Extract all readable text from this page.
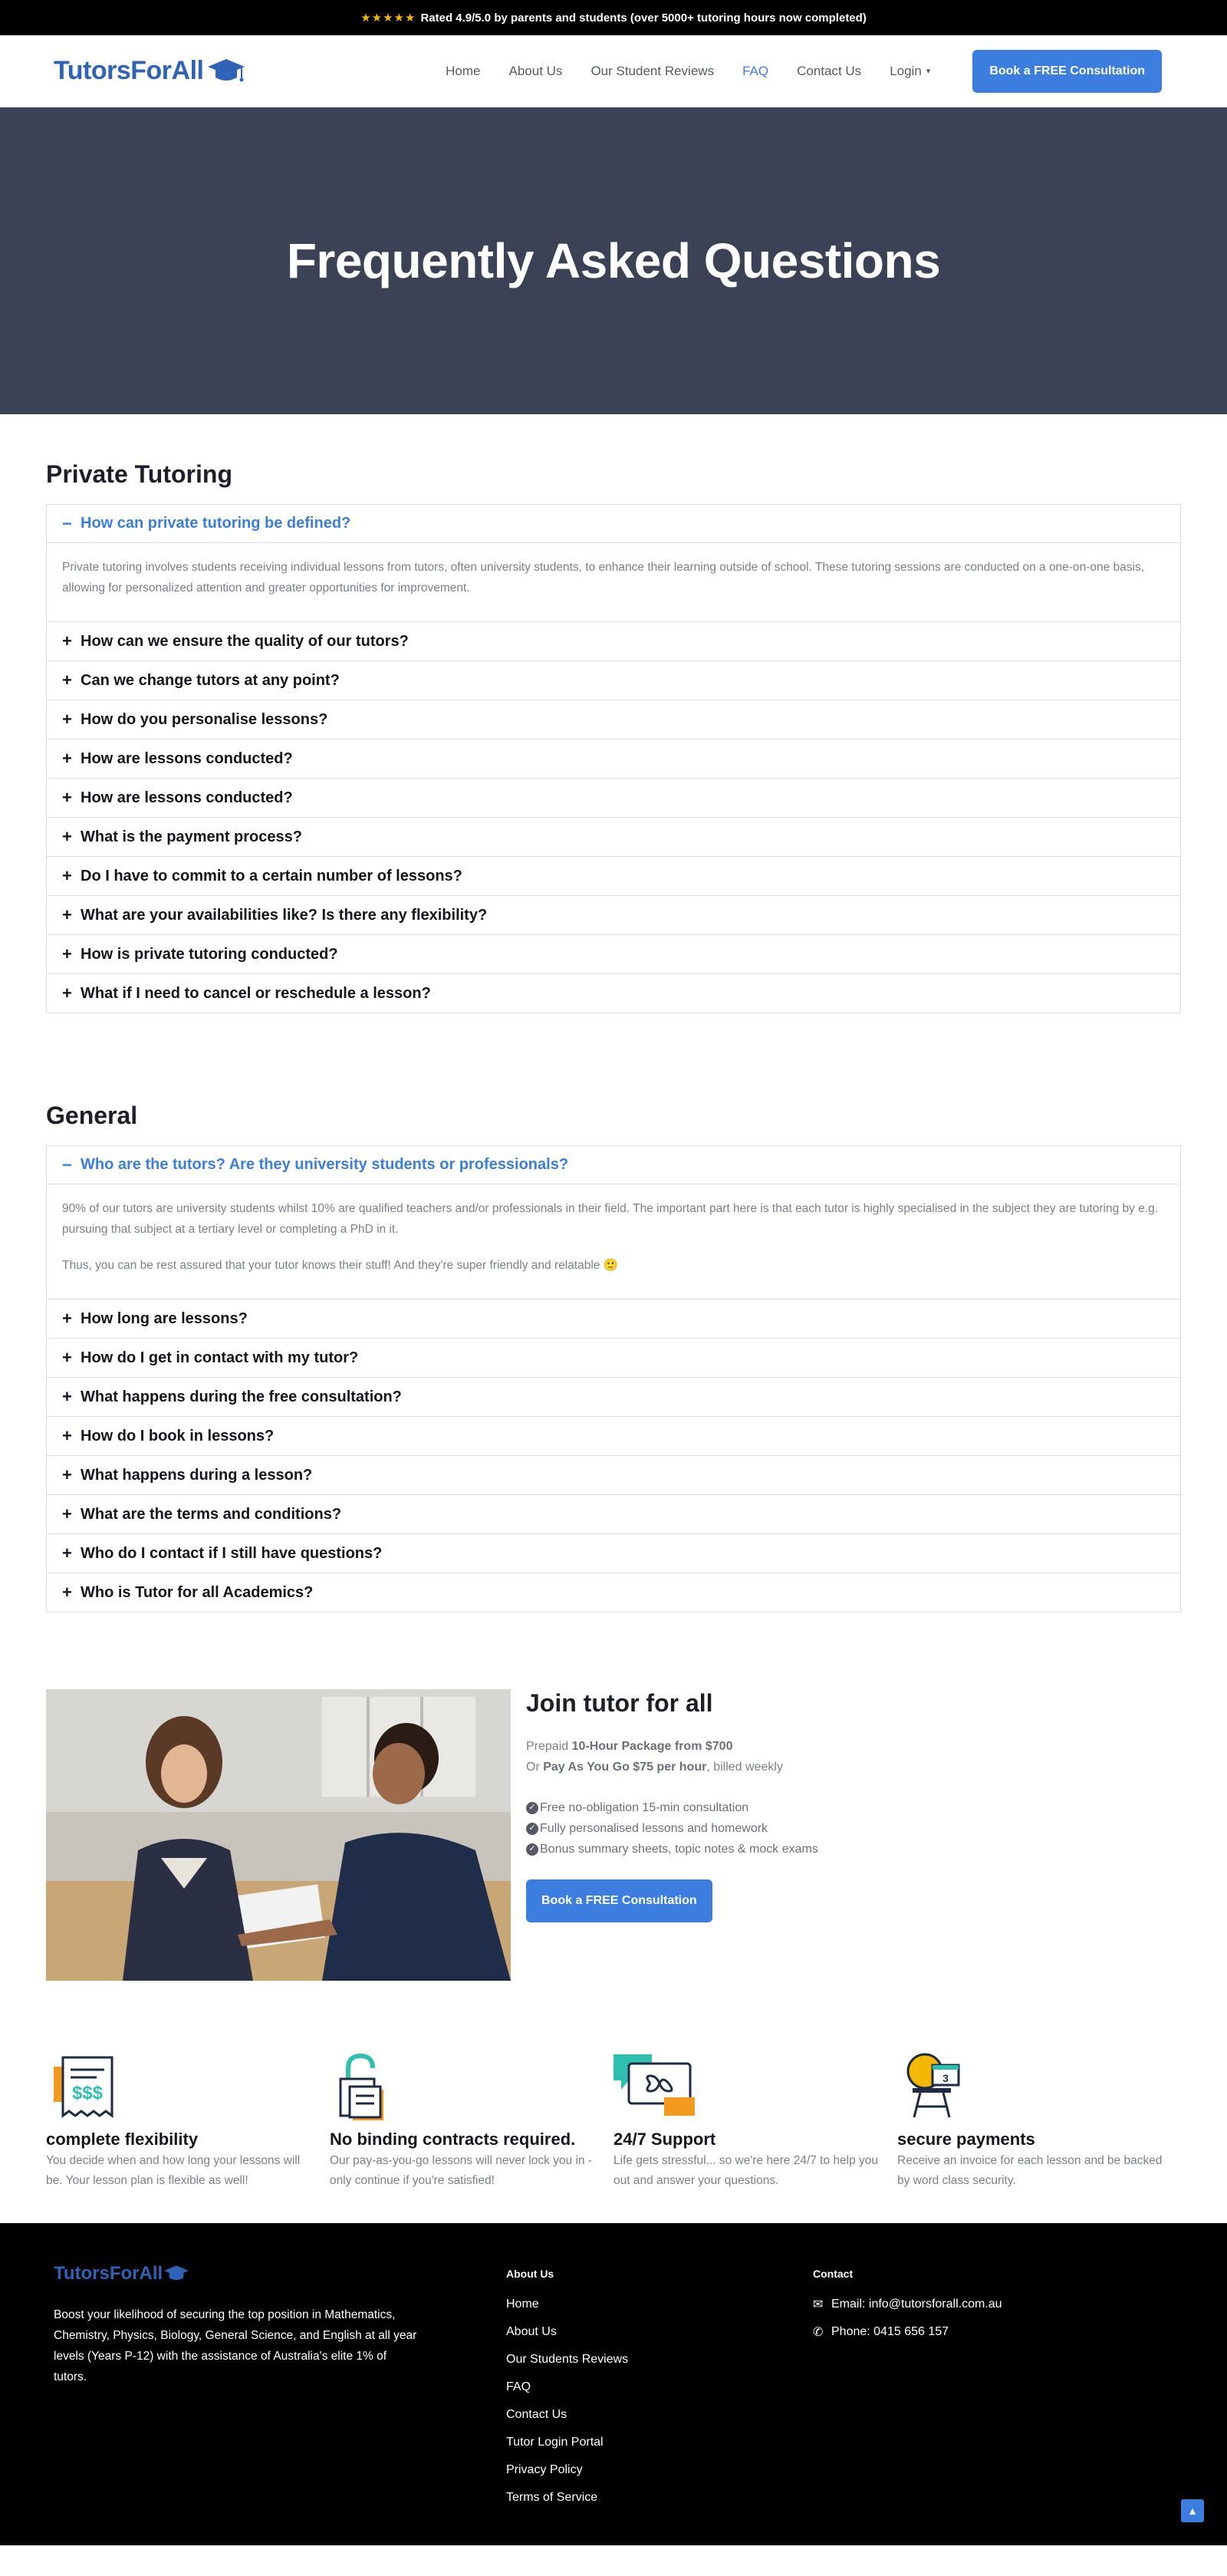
★★★★★ Rated 4.9/5.0 by parents and students (over 5000+ tutoring hours now completed)
TutorsForAll	Home About Us Our Student Reviews FAQ Contact Us Login ▾	Book a FREE Consultation
Frequently Asked Questions
Private Tutoring
− How can private tutoring be defined?

Private tutoring involves students receiving individual lessons from tutors, often university students, to enhance their learning outside of school. These tutoring sessions are conducted on a one-on-one basis, allowing for personalized attention and greater opportunities for improvement.

+ How can we ensure the quality of our tutors?
+ Can we change tutors at any point?
+ How do you personalise lessons?
+ How are lessons conducted?
+ How are lessons conducted?
+ What is the payment process?
+ Do I have to commit to a certain number of lessons?
+ What are your availabilities like? Is there any flexibility?
+ How is private tutoring conducted?
+ What if I need to cancel or reschedule a lesson?
General
− Who are the tutors? Are they university students or professionals?

90% of our tutors are university students whilst 10% are qualified teachers and/or professionals in their field. The important part here is that each tutor is highly specialised in the subject they are tutoring by e.g. pursuing that subject at a tertiary level or completing a PhD in it.

Thus, you can be rest assured that your tutor knows their stuff! And they're super friendly and relatable 🙂

+ How long are lessons?
+ How do I get in contact with my tutor?
+ What happens during the free consultation?
+ How do I book in lessons?
+ What happens during a lesson?
+ What are the terms and conditions?
+ Who do I contact if I still have questions?
+ Who is Tutor for all Academics?
Join tutor for all
Prepaid 10-Hour Package from $700
Or Pay As You Go $75 per hour, billed weekly
✓ Free no-obligation 15-min consultation
✓ Fully personalised lessons and homework
✓ Bonus summary sheets, topic notes & mock exams
Book a FREE Consultation
$$$
complete flexibility

You decide when and how long your lessons will be. Your lesson plan is flexible as well!

No binding contracts required.

Our pay-as-you-go lessons will never lock you in - only continue if you're satisfied!

24/7 Support

Life gets stressful... so we're here 24/7 to help you out and answer your questions.

3
secure payments

Receive an invoice for each lesson and be backed by word class security.

TutorsForAll

Boost your likelihood of securing the top position in Mathematics, Chemistry, Physics, Biology, General Science, and English at all year levels (Years P-12) with the assistance of Australia's elite 1% of tutors.

About Us
Home
About Us
Our Students Reviews
FAQ
Contact Us
Tutor Login Portal
Privacy Policy
Terms of Service
Contact
✉ Email: info@tutorsforall.com.au
✆ Phone: 0415 656 157
▲
